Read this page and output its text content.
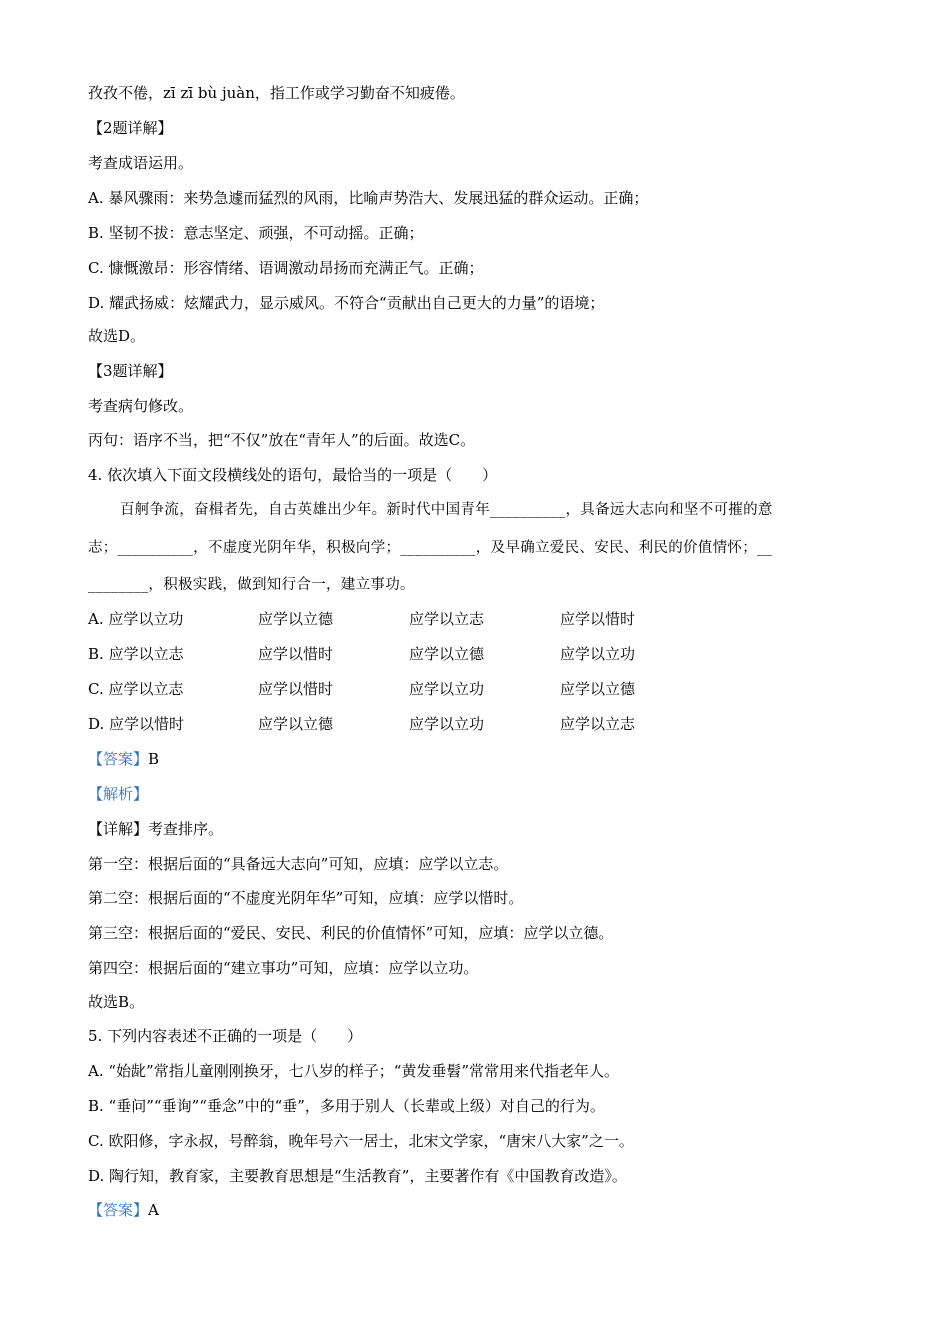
孜孜不倦，zī zī bù juàn，指工作或学习勤奋不知疲倦。
【2题详解】
考查成语运用。
A. 暴风骤雨：来势急遽而猛烈的风雨，比喻声势浩大、发展迅猛的群众运动。正确；
B. 坚韧不拔：意志坚定、顽强，不可动摇。正确；
C. 慷慨激昂：形容情绪、语调激动昂扬而充满正气。正确；
D. 耀武扬威：炫耀武力，显示威风。不符合“贡献出自己更大的力量”的语境；
故选D。
【3题详解】
考查病句修改。
丙句：语序不当，把“不仅”放在“青年人”的后面。故选C。
4. 依次填入下面文段横线处的语句，最恰当的一项是（　　）
百舸争流，奋楫者先，自古英雄出少年。新时代中国青年__________，具备远大志向和坚不可摧的意
志；__________，不虚度光阴年华，积极向学；__________，及早确立爱民、安民、利民的价值情怀；__
________，积极实践，做到知行合一，建立事功。
A. 应学以立功	应学以立德	应学以立志	应学以惜时
B. 应学以立志	应学以惜时	应学以立德	应学以立功
C. 应学以立志	应学以惜时	应学以立功	应学以立德
D. 应学以惜时	应学以立德	应学以立功	应学以立志
【答案】B
【解析】
【详解】考查排序。
第一空：根据后面的“具备远大志向”可知，应填：应学以立志。
第二空：根据后面的“不虚度光阴年华”可知，应填：应学以惜时。
第三空：根据后面的“爱民、安民、利民的价值情怀”可知，应填：应学以立德。
第四空：根据后面的“建立事功”可知，应填：应学以立功。
故选B。
5. 下列内容表述不正确的一项是（　　）
A. “始龀”常指儿童刚刚换牙，七八岁的样子；“黄发垂髫”常常用来代指老年人。
B. “垂问”“垂询”“垂念”中的“垂”，多用于别人（长辈或上级）对自己的行为。
C. 欧阳修，字永叔，号醉翁，晚年号六一居士，北宋文学家，“唐宋八大家”之一。
D. 陶行知，教育家，主要教育思想是“生活教育”，主要著作有《中国教育改造》。
【答案】A
